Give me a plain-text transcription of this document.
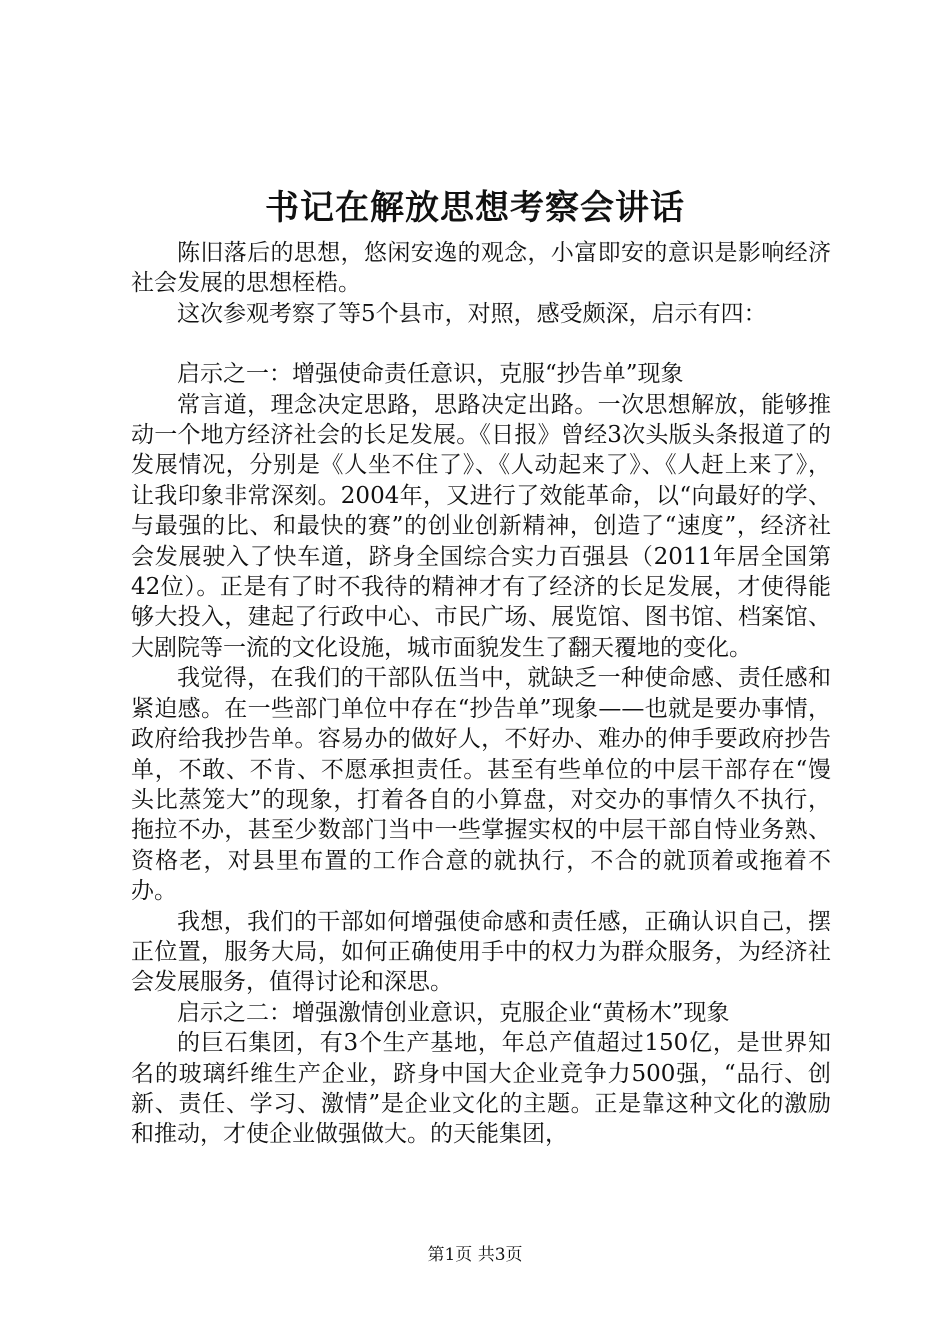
书记在解放思想考察会讲话

陈旧落后的思想，悠闲安逸的观念，小富即安的意识是影响经济社会发展的思想桎梏。

这次参观考察了等5个县市，对照，感受颇深，启示有四：

启示之一：增强使命责任意识，克服“抄告单”现象

常言道，理念决定思路，思路决定出路。一次思想解放，能够推动一个地方经济社会的长足发展。《日报》曾经3次头版头条报道了的发展情况，分别是《人坐不住了》、《人动起来了》、《人赶上来了》，让我印象非常深刻。2004年，又进行了效能革命，以“向最好的学、与最强的比、和最快的赛”的创业创新精神，创造了“速度”，经济社会发展驶入了快车道，跻身全国综合实力百强县（2011年居全国第42位）。正是有了时不我待的精神才有了经济的长足发展，才使得能够大投入，建起了行政中心、市民广场、展览馆、图书馆、档案馆、大剧院等一流的文化设施，城市面貌发生了翻天覆地的变化。

我觉得，在我们的干部队伍当中，就缺乏一种使命感、责任感和紧迫感。在一些部门单位中存在“抄告单”现象——也就是要办事情，政府给我抄告单。容易办的做好人，不好办、难办的伸手要政府抄告单，不敢、不肯、不愿承担责任。甚至有些单位的中层干部存在“馒头比蒸笼大”的现象，打着各自的小算盘，对交办的事情久不执行，拖拉不办，甚至少数部门当中一些掌握实权的中层干部自恃业务熟、资格老，对县里布置的工作合意的就执行，不合的就顶着或拖着不办。

我想，我们的干部如何增强使命感和责任感，正确认识自己，摆正位置，服务大局，如何正确使用手中的权力为群众服务，为经济社会发展服务，值得讨论和深思。

启示之二：增强激情创业意识，克服企业“黄杨木”现象

的巨石集团，有3个生产基地，年总产值超过150亿，是世界知名的玻璃纤维生产企业，跻身中国大企业竞争力500强，“品行、创新、责任、学习、激情”是企业文化的主题。正是靠这种文化的激励和推动，才使企业做强做大。的天能集团，

第1页 共3页
